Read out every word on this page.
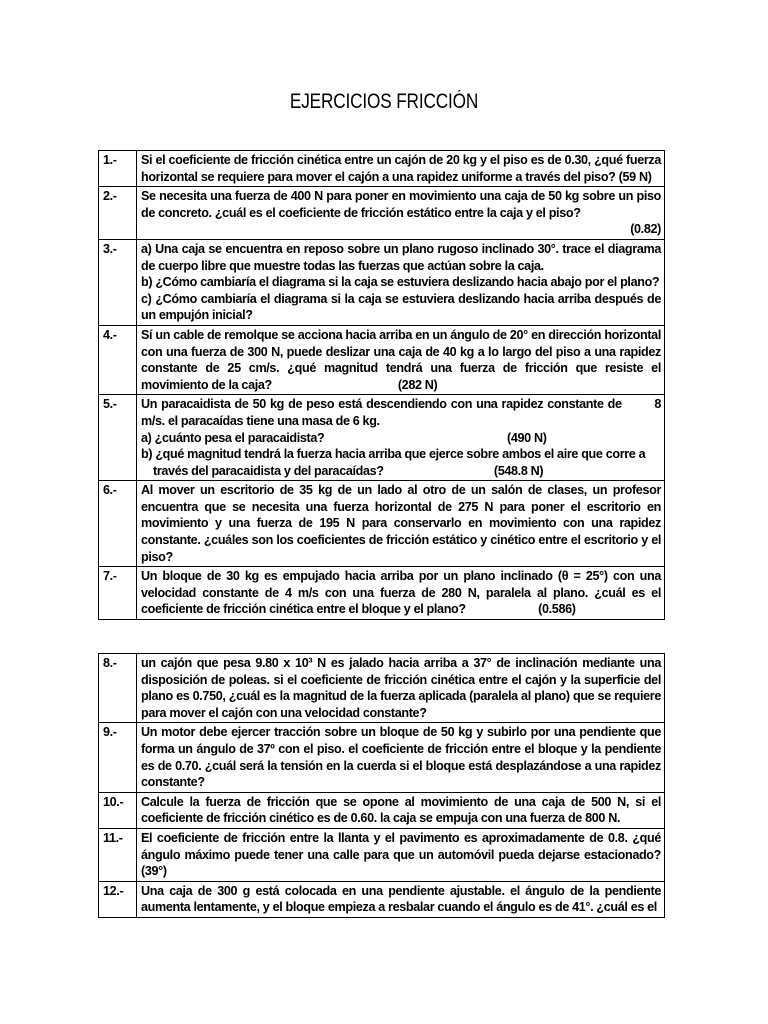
EJERCICIOS FRICCIÓN
1.-	Si el coeficiente de fricción cinética entre un cajón de 20 kg y el piso es de 0.30, ¿qué fuerza horizontal se requiere para mover el cajón a una rapidez uniforme a través del piso? (59 N)

2.-	Se necesita una fuerza de 400 N para poner en movimiento una caja de 50 kg sobre un piso de concreto. ¿cuál es el coeficiente de fricción estático entre la caja y el piso?
(0.82)

3.-	a) Una caja se encuentra en reposo sobre un plano rugoso inclinado 30°. trace el diagrama de cuerpo libre que muestre todas las fuerzas que actúan sobre la caja.
b) ¿Cómo cambiaría el diagrama si la caja se estuviera deslizando hacia abajo por el plano?
c) ¿Cómo cambiaría el diagrama si la caja se estuviera deslizando hacia arriba después de un empujón inicial?

4.-	Sí un cable de remolque se acciona hacia arriba en un ángulo de 20° en dirección horizontal con una fuerza de 300 N, puede deslizar una caja de 40 kg a lo largo del piso a una rapidez constante de 25 cm/s. ¿qué magnitud tendrá una fuerza de fricción que resiste el movimiento de la caja?                                        (282 N)

5.-	Un paracaidista de 50 kg de peso está descendiendo con una rapidez constante de        8 m/s. el paracaídas tiene una masa de 6 kg.
a) ¿cuánto pesa el paracaidista?                                                          (490 N)
b) ¿qué magnitud tendrá la fuerza hacia arriba que ejerce sobre ambos el aire que corre a
través del paracaidista y del paracaídas?                                   (548.8 N)

6.-	Al mover un escritorio de 35 kg de un lado al otro de un salón de clases, un profesor encuentra que se necesita una fuerza horizontal de 275 N para poner el escritorio en movimiento y una fuerza de 195 N para conservarlo en movimiento con una rapidez constante. ¿cuáles son los coeficientes de fricción estático y cinético entre el escritorio y el piso?

7.-	Un bloque de 30 kg es empujado hacia arriba por un plano inclinado (θ = 25°) con una velocidad constante de 4 m/s con una fuerza de 280 N, paralela al plano. ¿cuál es el coeficiente de fricción cinética entre el bloque y el plano?                       (0.586)
8.-	un cajón que pesa 9.80 x 10³ N es jalado hacia arriba a 37° de inclinación mediante una disposición de poleas. si el coeficiente de fricción cinética entre el cajón y la superficie del plano es 0.750, ¿cuál es la magnitud de la fuerza aplicada (paralela al plano) que se requiere para mover el cajón con una velocidad constante?

9.-	Un motor debe ejercer tracción sobre un bloque de 50 kg y subirlo por una pendiente que forma un ángulo de 37º con el piso. el coeficiente de fricción entre el bloque y la pendiente es de 0.70. ¿cuál será la tensión en la cuerda si el bloque está desplazándose a una rapidez constante?

10.-	Calcule la fuerza de fricción que se opone al movimiento de una caja de 500 N, si el coeficiente de fricción cinético es de 0.60. la caja se empuja con una fuerza de 800 N.

11.-	El coeficiente de fricción entre la llanta y el pavimento es aproximadamente de 0.8. ¿qué ángulo máximo puede tener una calle para que un automóvil pueda dejarse estacionado? (39°)

12.-	Una caja de 300 g está colocada en una pendiente ajustable. el ángulo de la pendiente aumenta lentamente, y el bloque empieza a resbalar cuando el ángulo es de 41°. ¿cuál es el
